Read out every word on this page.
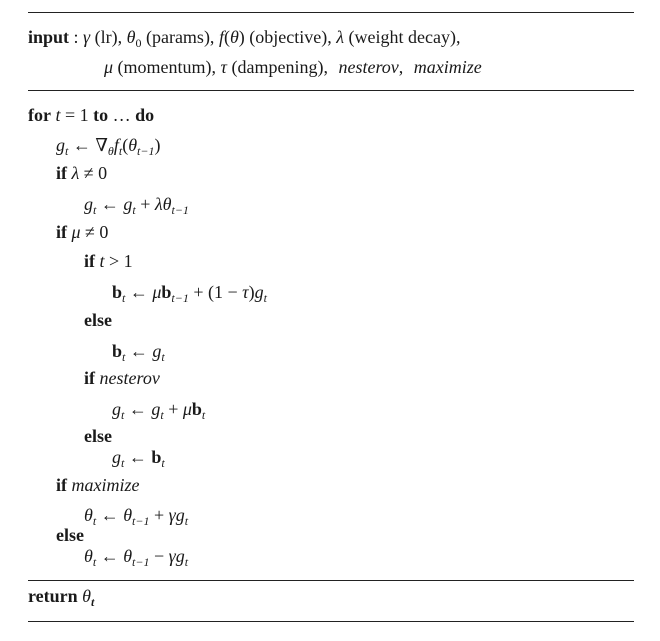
input : γ (lr), $\theta_0$ (params), f(θ) (objective), λ (weight decay),
μ (momentum), τ (dampening), nesterov, maximize
for t = 1 to … do
$g_t$ ← $\nabla_\theta f_t(\theta_{t-1})$
if λ ≠ 0
$g_t$ ← $g_t + \lambda\theta_{t-1}$
if μ ≠ 0
if t > 1
$b_t$ ← $\mu b_{t-1} + (1 - \tau)g_t$
else
$b_t$ ← $g_t$
if nesterov
$g_t$ ← $g_t + \mu b_t$
else
$g_t$ ← $b_t$
if maximize
$\theta_t$ ← $\theta_{t-1} + \gamma g_t$
else
$\theta_t$ ← $\theta_{t-1} - \gamma g_t$
return $\theta_t$
